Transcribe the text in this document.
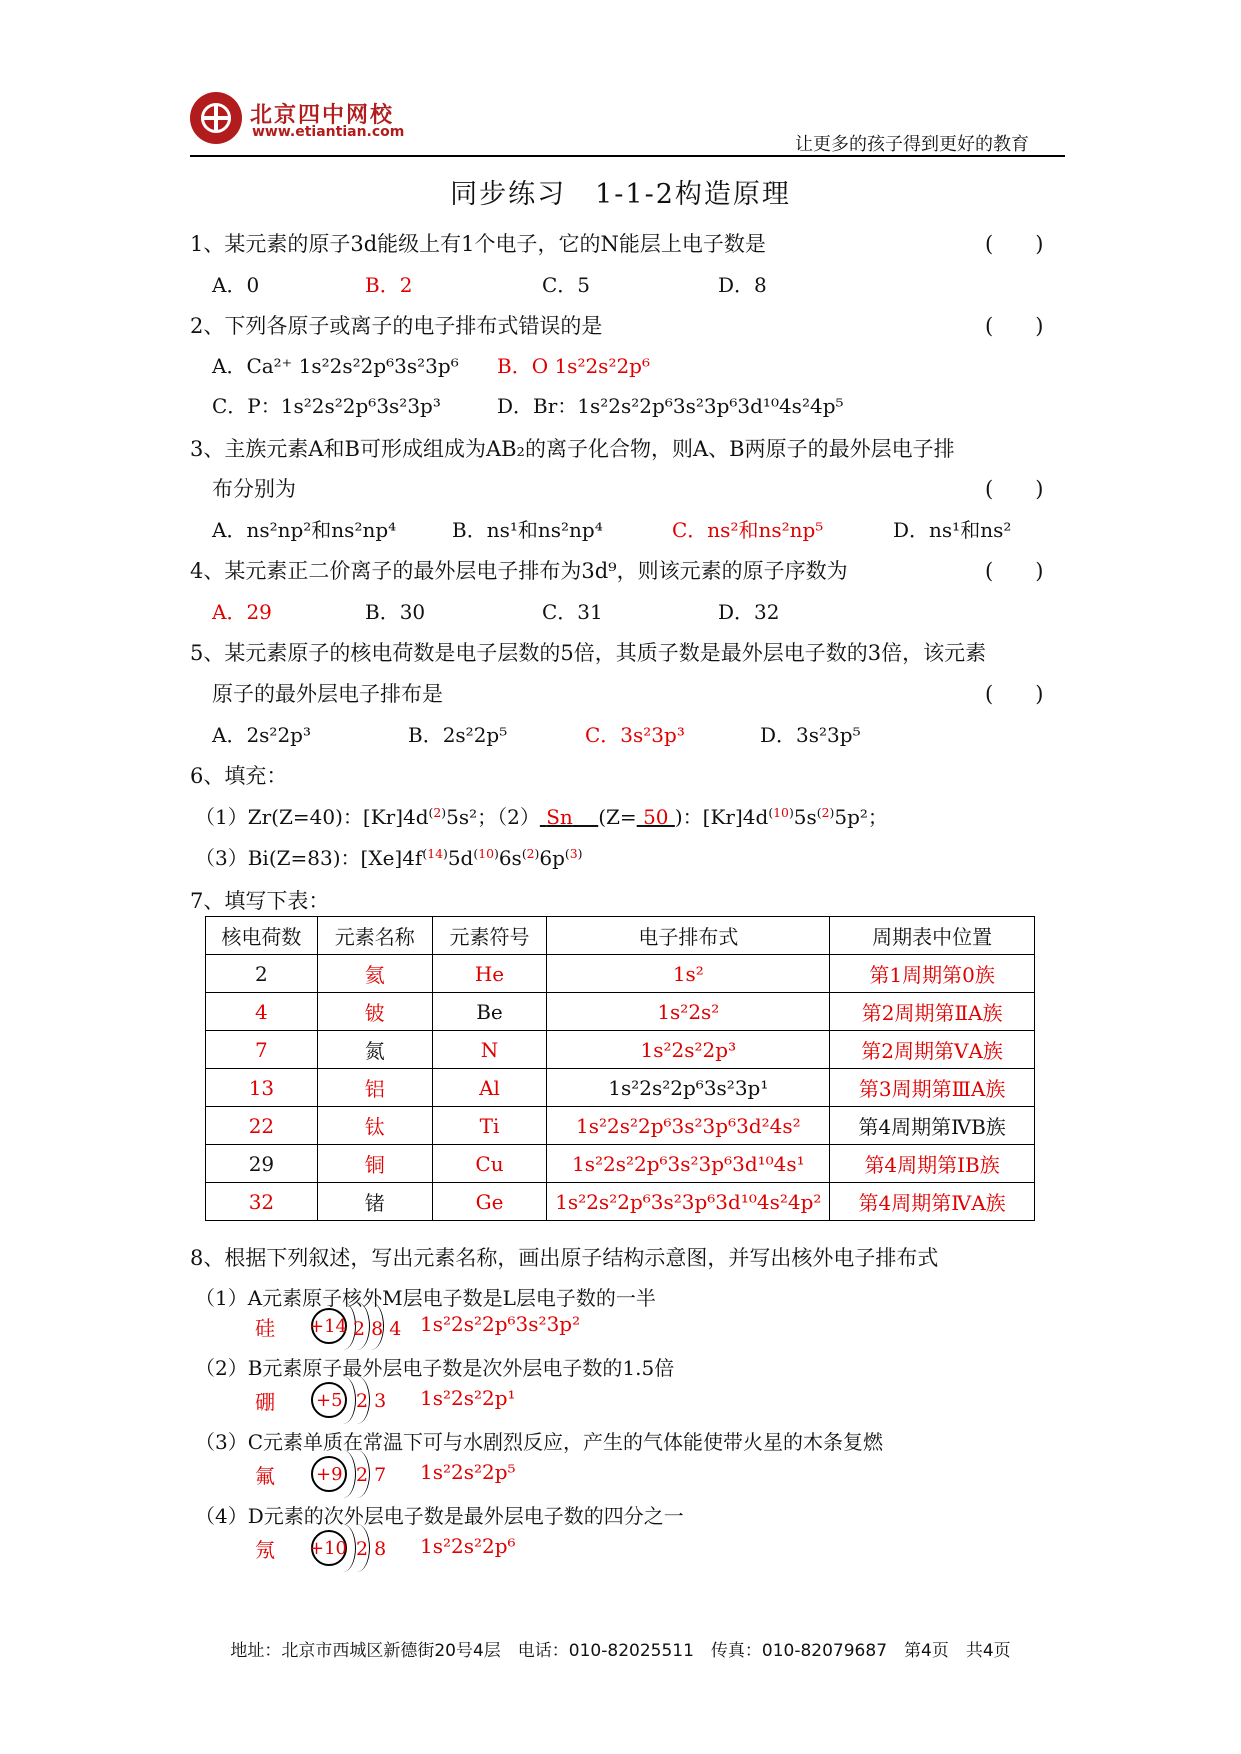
北京四中网校
www.etiantian.com
让更多的孩子得到更好的教育
同步练习　1-1-2构造原理
1、某元素的原子3d能级上有1个电子，它的N能层上电子数是	(　　)
A．0	B．2	C．5	D．8
2、下列各原子或离子的电子排布式错误的是	(　　)
A．Ca²⁺ 1s²2s²2p⁶3s²3p⁶ B．O 1s²2s²2p⁶
C．P：1s²2s²2p⁶3s²3p³	D．Br：1s²2s²2p⁶3s²3p⁶3d¹⁰4s²4p⁵
3、主族元素A和B可形成组成为AB₂的离子化合物，则A、B两原子的最外层电子排
布分别为	(　　)
A．ns²np²和ns²np⁴	B．ns¹和ns²np⁴	C．ns²和ns²np⁵	D．ns¹和ns²
4、某元素正二价离子的最外层电子排布为3d⁹，则该元素的原子序数为	(　　)
A．29	B．30	C．31	D．32
5、某元素原子的核电荷数是电子层数的5倍，其质子数是最外层电子数的3倍，该元素
原子的最外层电子排布是	(　　)
A．2s²2p³	B．2s²2p⁵	C．3s²3p³	D．3s²3p⁵
6、填充：
（1）Zr(Z=40)：$[Kr]4d^{(2)}5s^2$；（2） Sn (Z= 50 )：$[Kr]4d^{(10)}5s^{(2)}5p^2$；
（3）Bi(Z=83)：$[Xe]4f^{(14)}5d^{(10)}6s^{(2)}6p^{(3)}$
7、填写下表：
核电荷数	元素名称	元素符号	电子排布式	周期表中位置
2	氦	He	1s²	第1周期第0族
4	铍	Be	1s²2s²	第2周期第ⅡA族
7	氮	N	1s²2s²2p³	第2周期第ⅤA族
13	铝	Al	1s²2s²2p⁶3s²3p¹	第3周期第ⅢA族
22	钛	Ti	1s²2s²2p⁶3s²3p⁶3d²4s²	第4周期第ⅣB族
29	铜	Cu	1s²2s²2p⁶3s²3p⁶3d¹⁰4s¹	第4周期第ⅠB族
32	锗	Ge	1s²2s²2p⁶3s²3p⁶3d¹⁰4s²4p²	第4周期第ⅣA族
8、根据下列叙述，写出元素名称，画出原子结构示意图，并写出核外电子排布式
（1）A元素原子核外M层电子数是L层电子数的一半
硅 +14 2 8 4 1s²2s²2p⁶3s²3p²
（2）B元素原子最外层电子数是次外层电子数的1.5倍
硼 +5 2 3 1s²2s²2p¹
（3）C元素单质在常温下可与水剧烈反应，产生的气体能使带火星的木条复燃
氟 +9 2 7 1s²2s²2p⁵
（4）D元素的次外层电子数是最外层电子数的四分之一
氖 +10 2 8 1s²2s²2p⁶
地址：北京市西城区新德街20号4层　电话：010-82025511　传真：010-82079687　第4页　共4页
